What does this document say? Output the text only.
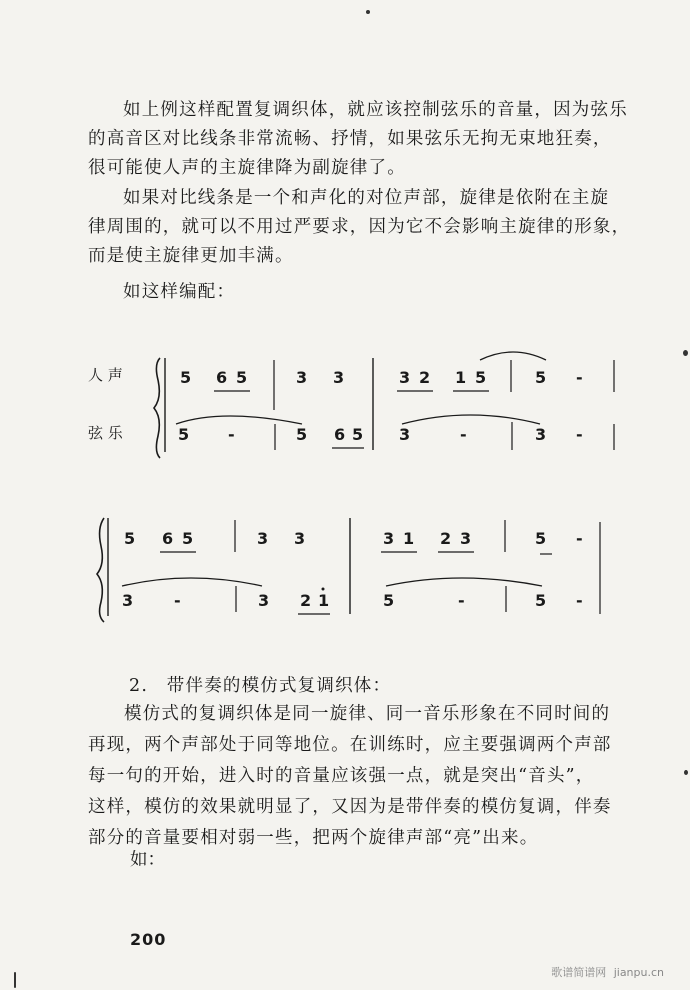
如上例这样配置复调织体，就应该控制弦乐的音量，因为弦乐
的高音区对比线条非常流畅、抒情，如果弦乐无拘无束地狂奏，
很可能使人声的主旋律降为副旋律了。
如果对比线条是一个和声化的对位声部，旋律是依附在主旋
律周围的，就可以不用过严要求，因为它不会影响主旋律的形象，
而是使主旋律更加丰满。
如这样编配：
人 声
弦 乐
5 6 5	3 3	3 2 1 5	5 -
5 -	5 6 5 3	-	3 -
5 6 5	3 3	3 1 2 3	5 -
3	-	3 2 1	5	-	5 -
2.　带伴奏的模仿式复调织体：
模仿式的复调织体是同一旋律、同一音乐形象在不同时间的
再现，两个声部处于同等地位。在训练时，应主要强调两个声部
每一句的开始，进入时的音量应该强一点，就是突出“音头”，
这样，模仿的效果就明显了，又因为是带伴奏的模仿复调，伴奏
部分的音量要相对弱一些，把两个旋律声部“亮”出来。
如：
200
歌谱简谱网 jianpu.cn
